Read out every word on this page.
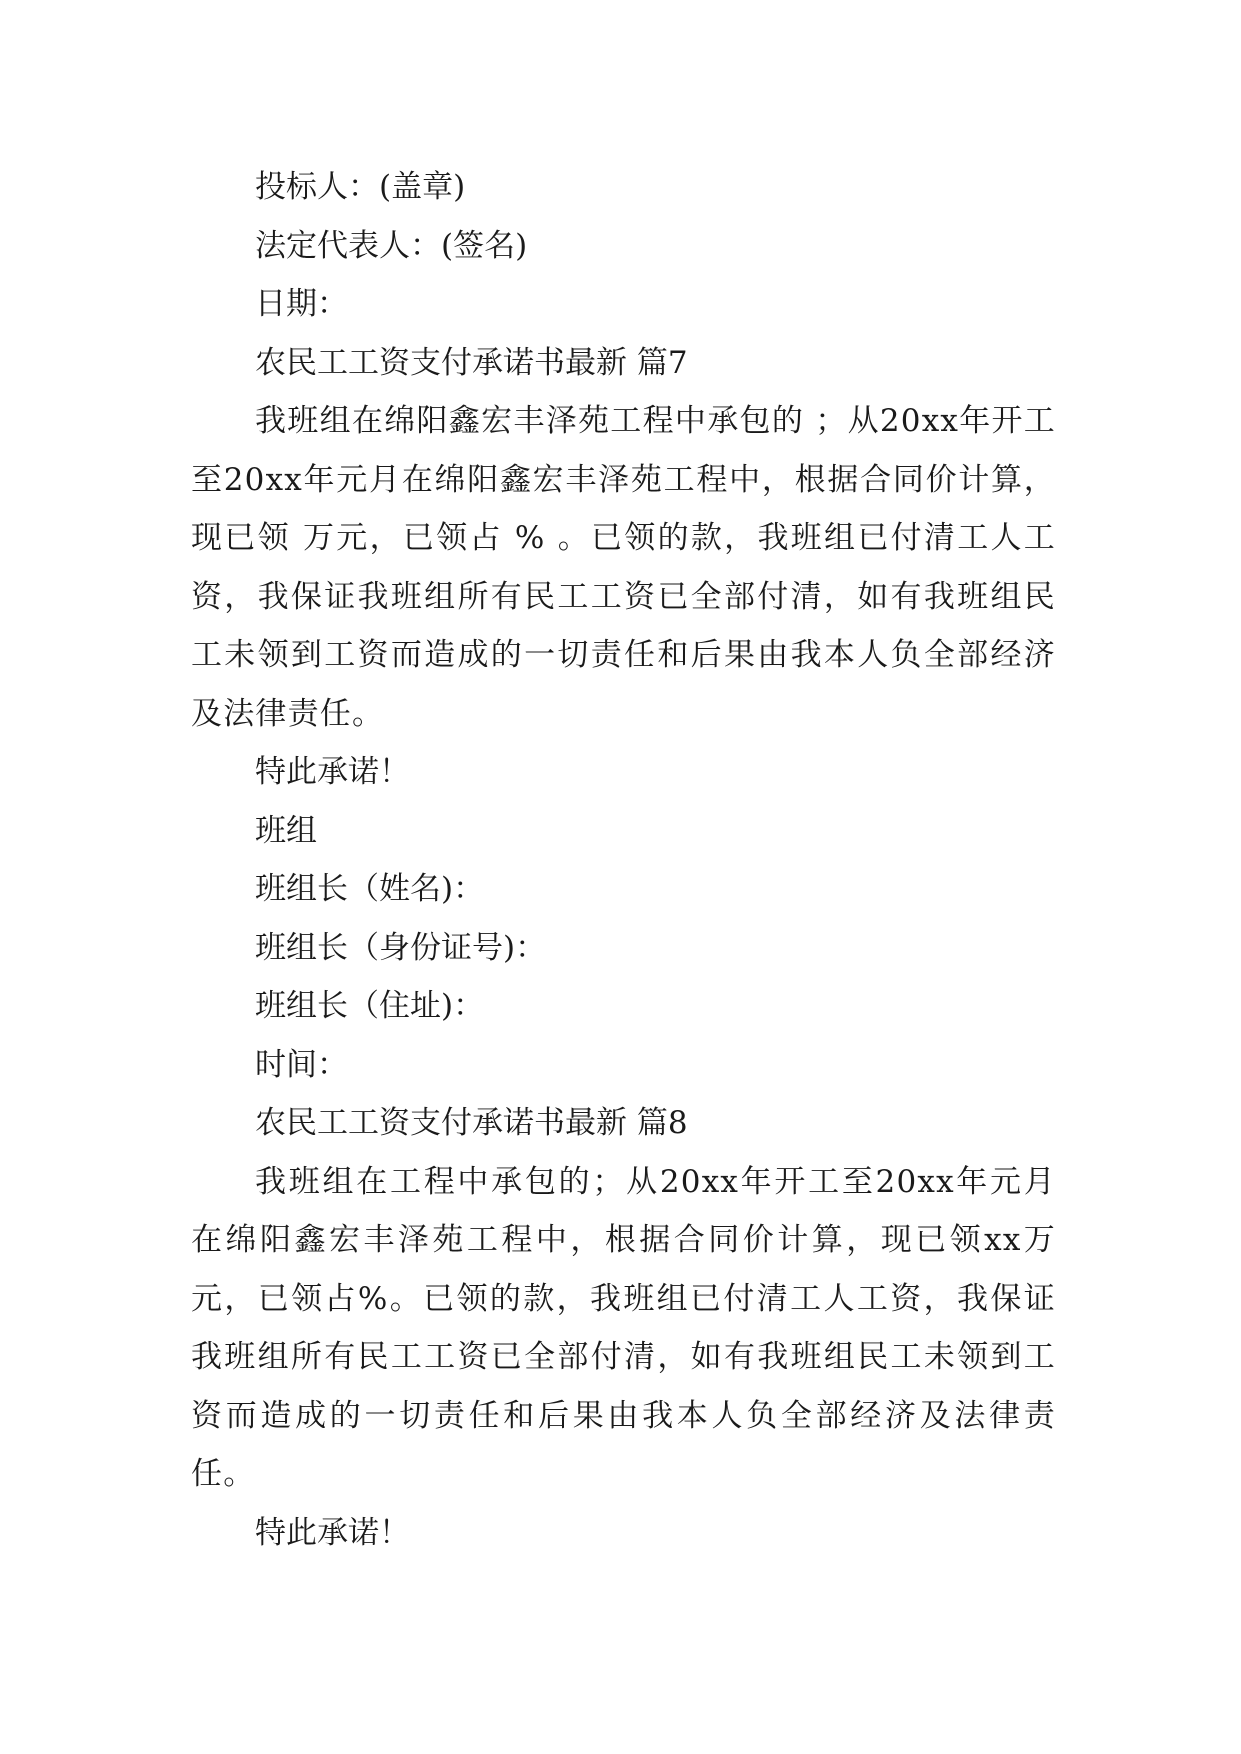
投标人：(盖章)

法定代表人：(签名)

日期：

农民工工资支付承诺书最新 篇7

我班组在绵阳鑫宏丰泽苑工程中承包的 ；从20xx年开工至20xx年元月在绵阳鑫宏丰泽苑工程中，根据合同价计算，现已领 万元，已领占 % 。已领的款，我班组已付清工人工资，我保证我班组所有民工工资已全部付清，如有我班组民工未领到工资而造成的一切责任和后果由我本人负全部经济及法律责任。

特此承诺！

班组

班组长（姓名)：

班组长（身份证号)：

班组长（住址)：

时间：

农民工工资支付承诺书最新 篇8

我班组在工程中承包的；从20xx年开工至20xx年元月在绵阳鑫宏丰泽苑工程中，根据合同价计算，现已领xx万元，已领占%。已领的款，我班组已付清工人工资，我保证我班组所有民工工资已全部付清，如有我班组民工未领到工资而造成的一切责任和后果由我本人负全部经济及法律责任。

特此承诺！
